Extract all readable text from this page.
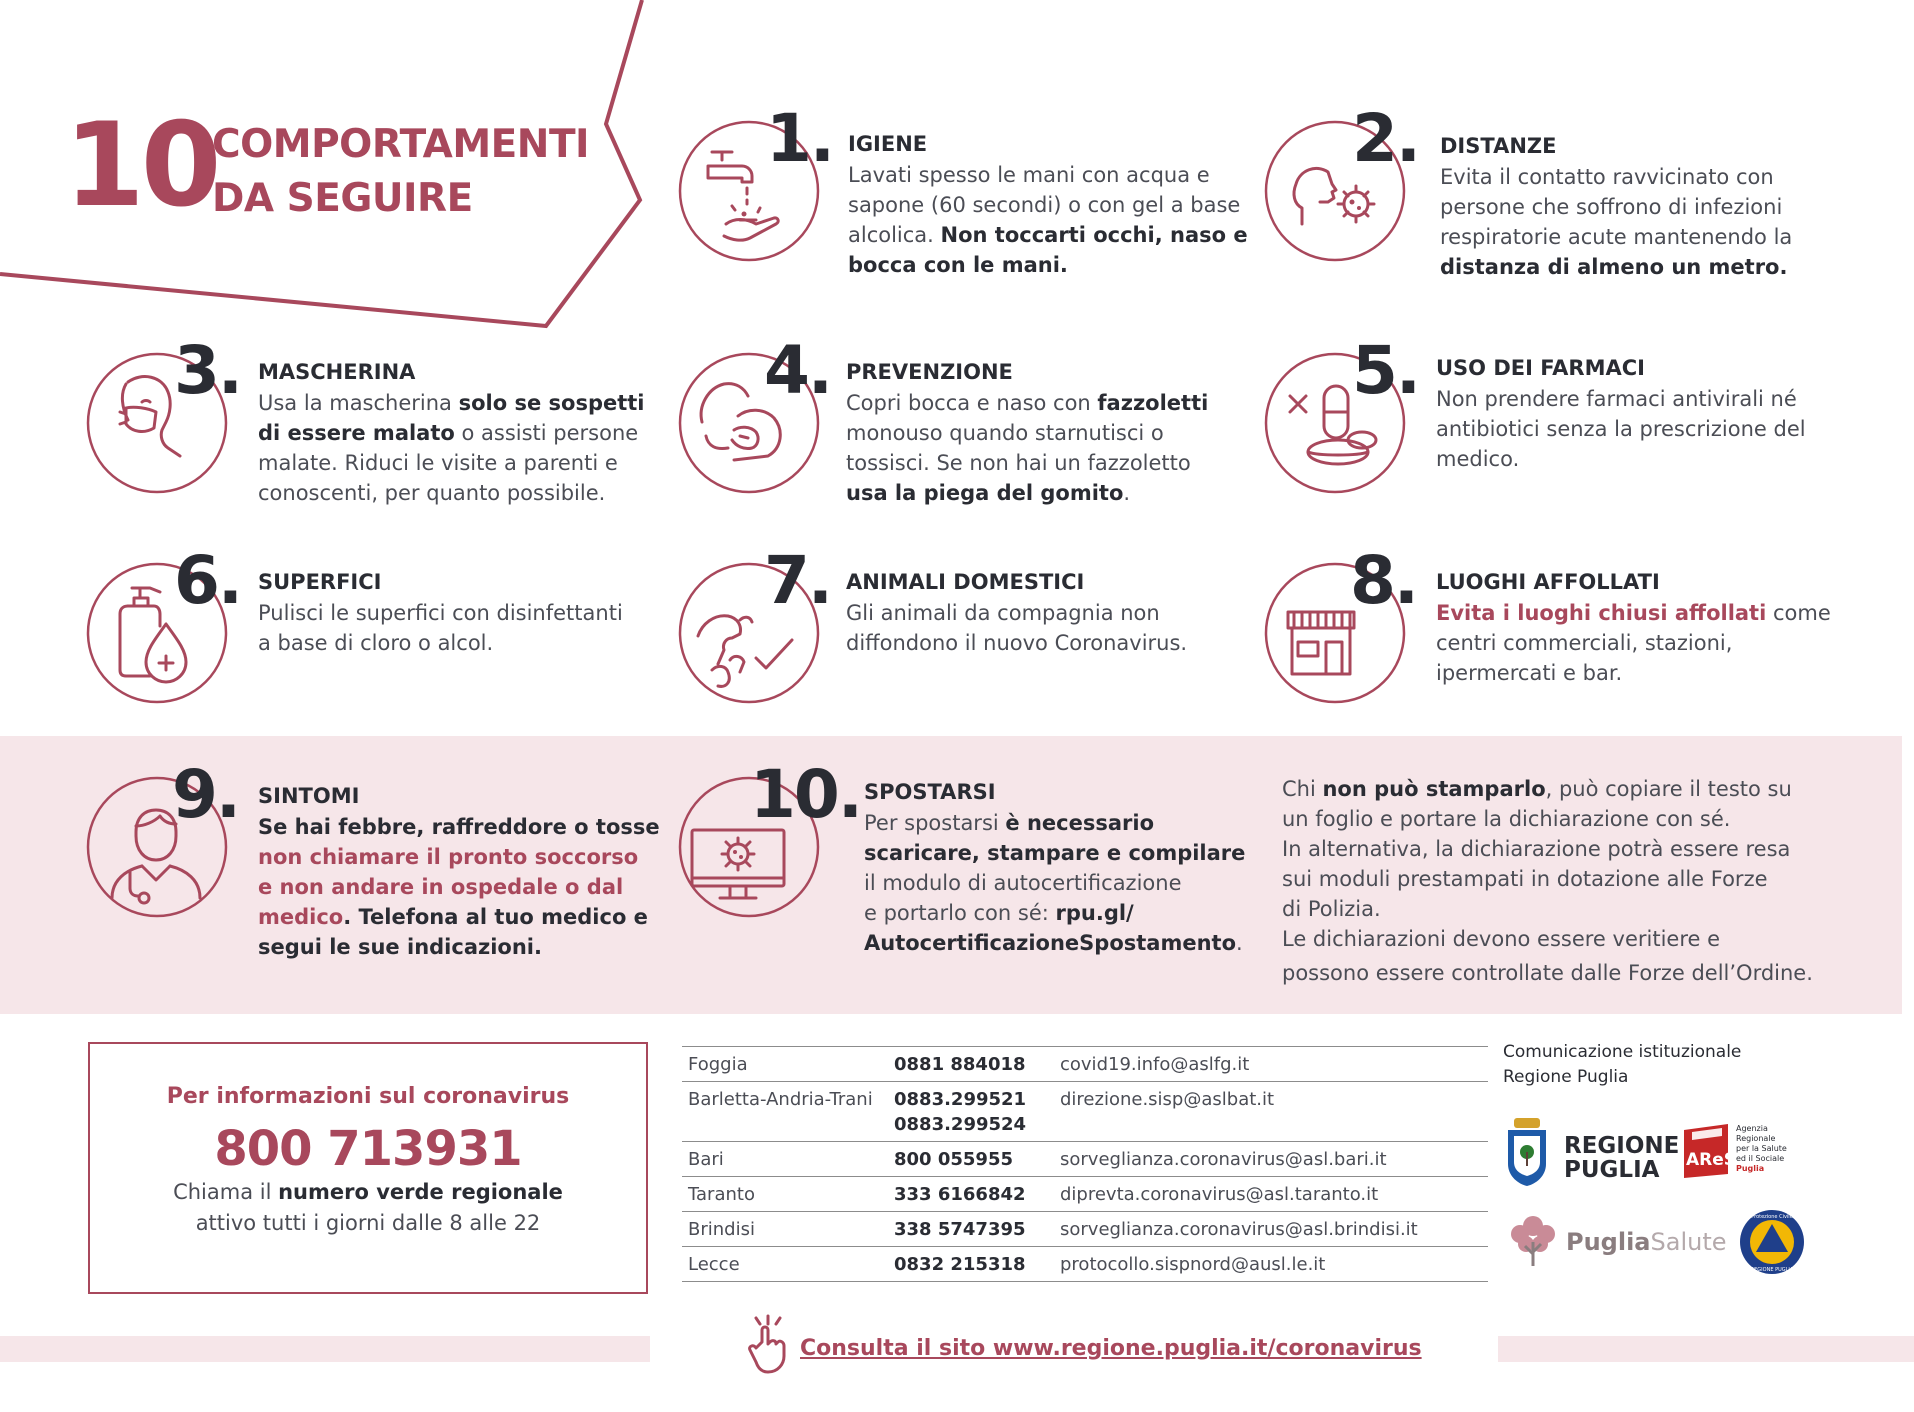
10
COMPORTAMENTI
DA SEGUIRE
1. IGIENE
Lavati spesso le mani con acqua e
sapone (60 secondi) o con gel a base
alcolica. Non toccarti occhi, naso e
bocca con le mani.
2. DISTANZE
Evita il contatto ravvicinato con
persone che soffrono di infezioni
respiratorie acute mantenendo la
distanza di almeno un metro.
3. MASCHERINA
Usa la mascherina solo se sospetti
di essere malato o assisti persone
malate. Riduci le visite a parenti e
conoscenti, per quanto possibile.
4. PREVENZIONE
Copri bocca e naso con fazzoletti
monouso quando starnutisci o
tossisci. Se non hai un fazzoletto
usa la piega del gomito.
5. USO DEI FARMACI
Non prendere farmaci antivirali né
antibiotici senza la prescrizione del
medico.
6. SUPERFICI
Pulisci le superfici con disinfettanti
a base di cloro o alcol.
7. ANIMALI DOMESTICI
Gli animali da compagnia non
diffondono il nuovo Coronavirus.
8. LUOGHI AFFOLLATI
Evita i luoghi chiusi affollati come
centri commerciali, stazioni,
ipermercati e bar.
9. SINTOMI
Se hai febbre, raffreddore o tosse
non chiamare il pronto soccorso
e non andare in ospedale o dal
medico. Telefona al tuo medico e
segui le sue indicazioni.
10. SPOSTARSI
Per spostarsi è necessario
scaricare, stampare e compilare
il modulo di autocertificazione
e portarlo con sé: rpu.gl/
AutocertificazioneSpostamento.
Chi non può stamparlo, può copiare il testo su
un foglio e portare la dichiarazione con sé.
In alternativa, la dichiarazione potrà essere resa
sui moduli prestampati in dotazione alle Forze
di Polizia.
Le dichiarazioni devono essere veritiere e
possono essere controllate dalle Forze dell’Ordine.
Per informazioni sul coronavirus
800 713931
Chiama il numero verde regionale
attivo tutti i giorni dalle 8 alle 22
Foggia	0881 884018	covid19.info@aslfg.it
Barletta-Andria-Trani	0883.299521
0883.299524	direzione.sisp@aslbat.it
Bari	800 055955	sorveglianza.coronavirus@asl.bari.it
Taranto	333 6166842	diprevta.coronavirus@asl.taranto.it
Brindisi	338 5747395	sorveglianza.coronavirus@asl.brindisi.it
Lecce	0832 215318	protocollo.sispnord@ausl.le.it
Comunicazione istituzionale
Regione Puglia
REGIONE
PUGLIA	AReSS
Agenzia
Regionale
per la Salute
ed il Sociale
Puglia
PugliaSalute
Protezione Civile
REGIONE PUGLIA
Consulta il sito www.regione.puglia.it/coronavirus
